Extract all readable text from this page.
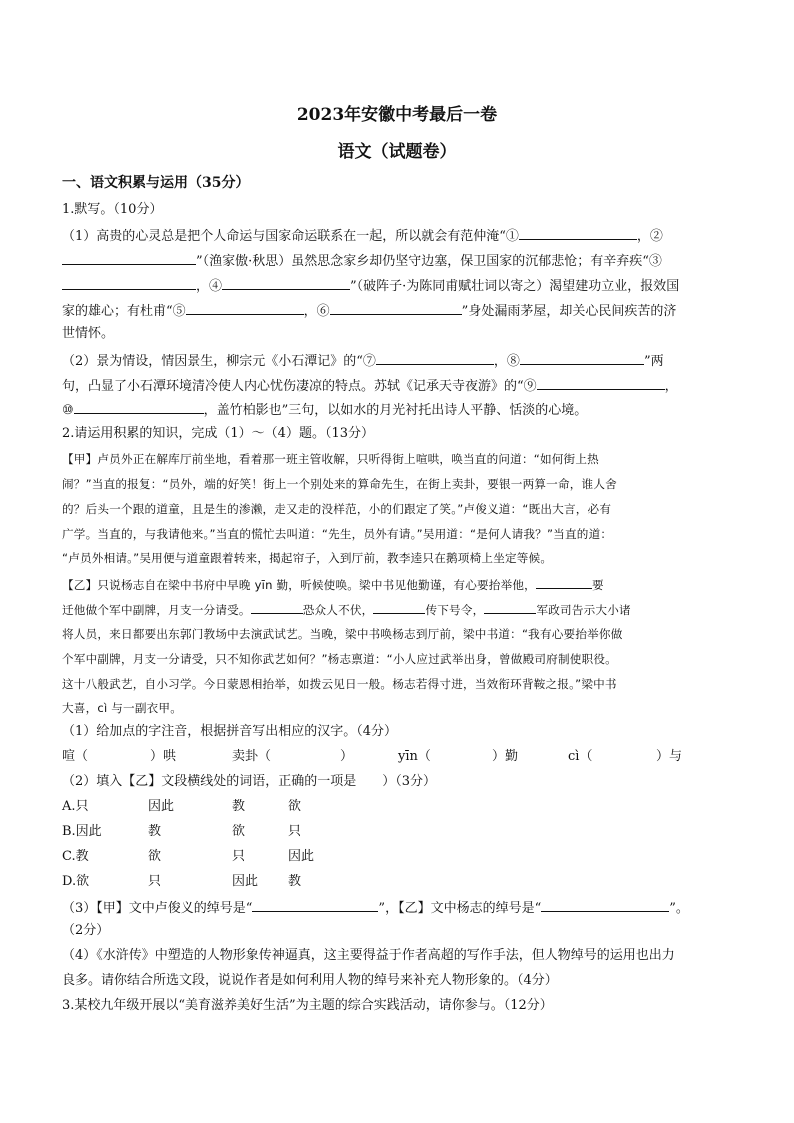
2023年安徽中考最后一卷
语文（试题卷）
一、语文积累与运用（35分）
1.默写。（10分）
（1）高贵的心灵总是把个人命运与国家命运联系在一起，所以就会有范仲淹“①	，②
”（渔家傲·秋思）虽然思念家乡却仍坚守边塞，保卫国家的沉郁悲怆；有辛弃疾“③
，④	”（破阵子·为陈同甫赋壮词以寄之）渴望建功立业，报效国
家的雄心；有杜甫“⑤	，⑥	”身处漏雨茅屋，却关心民间疾苦的济
世情怀。
（2）景为情设，情因景生，柳宗元《小石潭记》的“⑦	，⑧	”两
句，凸显了小石潭环境清冷使人内心忧伤凄凉的特点。苏轼《记承天寺夜游》的“⑨	，
⑩	，盖竹柏影也”三句，以如水的月光衬托出诗人平静、恬淡的心境。
2.请运用积累的知识，完成（1）～（4）题。（13分）
【甲】卢员外正在解库厅前坐地，看着那一班主管收解，只听得街上喧哄，唤当直的问道：“如何街上热
闹？”当直的报复：“员外，端的好笑！街上一个别处来的算命先生，在街上卖卦，要银一两算一命，谁人舍
的？后头一个跟的道童，且是生的渗濑，走又走的没样范，小的们跟定了笑。”卢俊义道：“既出大言，必有
广学。当直的，与我请他来。”当直的慌忙去叫道：“先生，员外有请。”吴用道：“是何人请我？”当直的道：
“卢员外相请。”吴用便与道童跟着转来，揭起帘子，入到厅前，教李逵只在鹅项椅上坐定等候。
【乙】只说杨志自在梁中书府中早晚 yīn 勤，听候使唤。梁中书见他勤谨，有心要抬举他，	要
迁他做个军中副牌，月支一分请受。	恐众人不伏，	传下号令，	军政司告示大小诸
将人员，来日都要出东郭门教场中去演武试艺。当晚，梁中书唤杨志到厅前，梁中书道：“我有心要抬举你做
个军中副牌，月支一分请受，只不知你武艺如何？”杨志禀道：“小人应过武举出身，曾做殿司府制使职役。
这十八般武艺，自小习学。今日蒙恩相抬举，如拨云见日一般。杨志若得寸进，当效衔环背鞍之报。”梁中书
大喜，cì 与一副衣甲。
（1）给加点的字注音，根据拼音写出相应的汉字。（4分）
喧（	）哄	卖卦（	）	yīn（	）勤	cì（	）与
（2）填入【乙】文段横线处的词语，正确的一项是　　）（3分）
A.只	因此	教	欲
B.因此	教	欲	只
C.教	欲	只	因此
D.欲	只	因此 教
（3）【甲】文中卢俊义的绰号是“	”，【乙】文中杨志的绰号是“	”。
（2分）
（4）《水浒传》中塑造的人物形象传神逼真，这主要得益于作者高超的写作手法，但人物绰号的运用也出力
良多。请你结合所选文段，说说作者是如何利用人物的绰号来补充人物形象的。（4分）
3.某校九年级开展以“美育滋养美好生活”为主题的综合实践活动，请你参与。（12分）
